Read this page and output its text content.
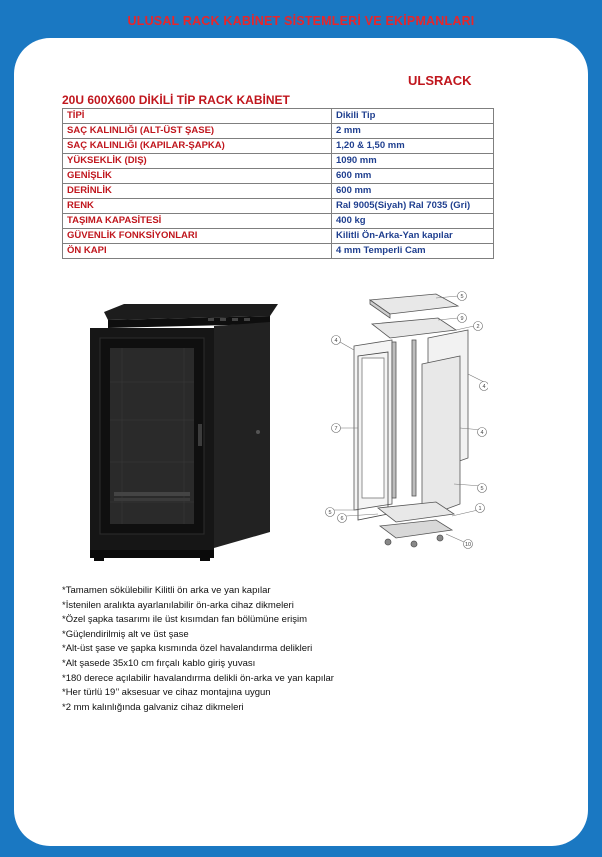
ULUSAL RACK KABİNET SİSTEMLERİ VE EKİPMANLARI
ULSRACK
20U 600X600 DİKİLİ TİP RACK KABİNET
TİPİ	Dikili Tip
SAÇ KALINLIĞI (ALT-ÜST ŞASE)	2 mm
SAÇ KALINLIĞI (KAPILAR-ŞAPKA)	1,20 & 1,50 mm
YÜKSEKLİK (DIŞ)	1090 mm
GENİŞLİK	600 mm
DERİNLİK	600 mm
RENK	Ral 9005(Siyah) Ral 7035 (Gri)
TAŞIMA KAPASİTESİ	400 kg
GÜVENLİK FONKSİYONLARI	Kilitli Ön-Arka-Yan kapılar
ÖN KAPI	4 mm Temperli Cam
5
9
2
4
4
4
7
5
5
6
1
10
*Tamamen sökülebilir Kilitli ön arka ve yan kapılar
*İstenilen aralıkta ayarlanılabilir ön-arka cihaz dikmeleri
*Özel şapka tasarımı ile üst kısımdan fan bölümüne erişim
*Güçlendirilmiş alt ve üst şase
*Alt-üst şase ve şapka kısmında özel havalandırma delikleri
*Alt şasede 35x10 cm fırçalı kablo giriş yuvası
*180 derece açılabilir havalandırma delikli ön-arka ve yan kapılar
*Her türlü 19’’ aksesuar ve cihaz montajına uygun
*2 mm kalınlığında galvaniz cihaz dikmeleri
